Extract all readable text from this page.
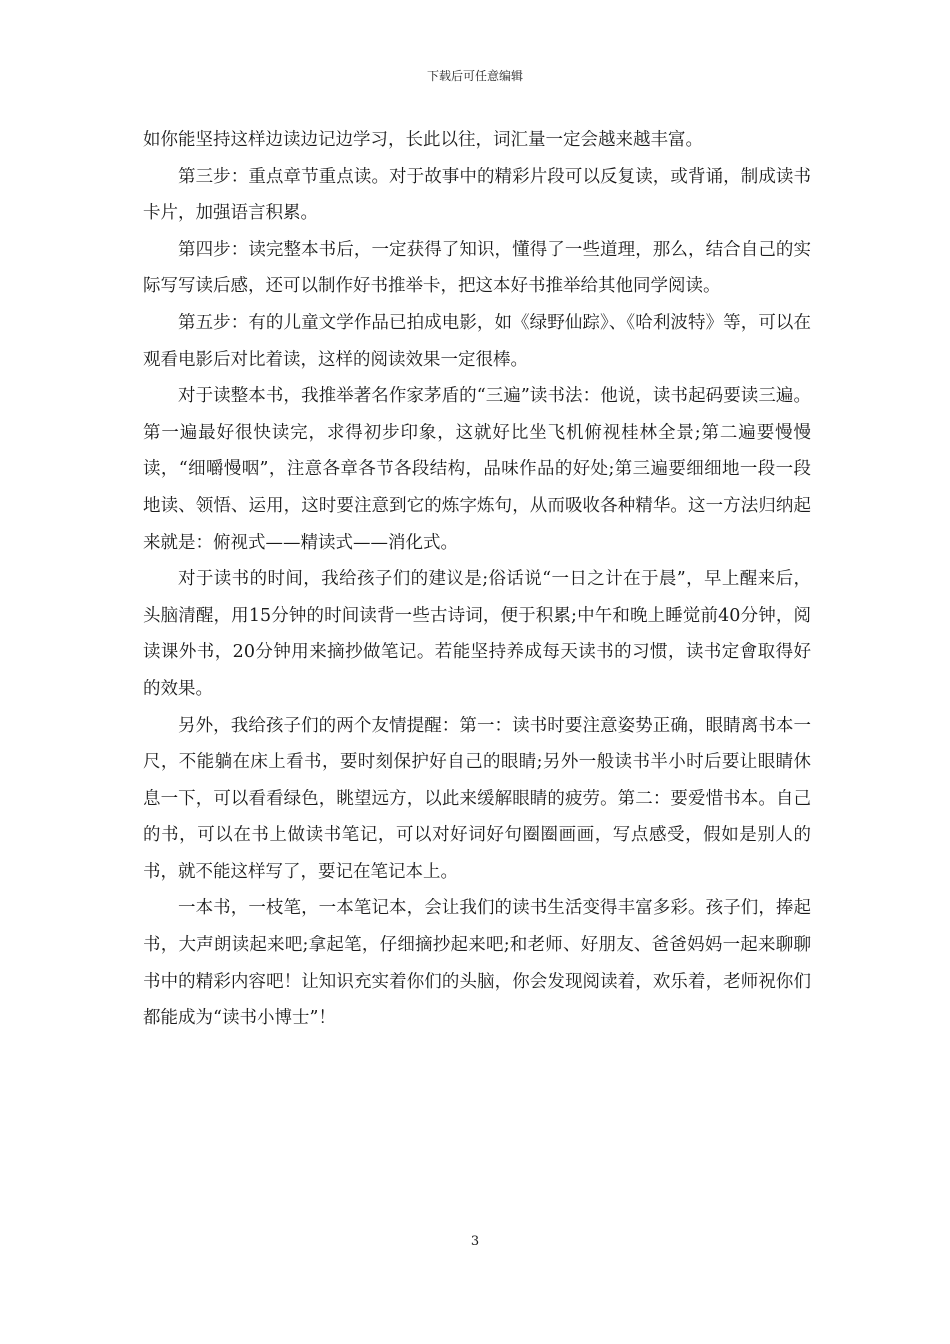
下载后可任意编辑

如你能坚持这样边读边记边学习，长此以往，词汇量一定会越来越丰富。

第三步：重点章节重点读。对于故事中的精彩片段可以反复读，或背诵，制成读书卡片，加强语言积累。

第四步：读完整本书后，一定获得了知识，懂得了一些道理，那么，结合自己的实际写写读后感，还可以制作好书推举卡，把这本好书推举给其他同学阅读。

第五步：有的儿童文学作品已拍成电影，如《绿野仙踪》、《哈利波特》等，可以在观看电影后对比着读，这样的阅读效果一定很棒。

对于读整本书，我推举著名作家茅盾的“三遍”读书法：他说，读书起码要读三遍。第一遍最好很快读完，求得初步印象，这就好比坐飞机俯视桂林全景;第二遍要慢慢读，“细嚼慢咽”，注意各章各节各段结构，品味作品的好处;第三遍要细细地一段一段地读、领悟、运用，这时要注意到它的炼字炼句，从而吸收各种精华。这一方法归纳起来就是：俯视式——精读式——消化式。

对于读书的时间，我给孩子们的建议是;俗话说“一日之计在于晨”，早上醒来后，头脑清醒，用15分钟的时间读背一些古诗词，便于积累;中午和晚上睡觉前40分钟，阅读课外书，20分钟用来摘抄做笔记。若能坚持养成每天读书的习惯，读书定會取得好的效果。

另外，我给孩子们的两个友情提醒：第一：读书时要注意姿势正确，眼睛离书本一尺，不能躺在床上看书，要时刻保护好自己的眼睛;另外一般读书半小时后要让眼睛休息一下，可以看看绿色，眺望远方，以此来缓解眼睛的疲劳。第二：要爱惜书本。自己的书，可以在书上做读书笔记，可以对好词好句圈圈画画，写点感受，假如是别人的书，就不能这样写了，要记在笔记本上。

一本书，一枝笔，一本笔记本，会让我们的读书生活变得丰富多彩。孩子们，捧起书，大声朗读起来吧;拿起笔，仔细摘抄起来吧;和老师、好朋友、爸爸妈妈一起来聊聊书中的精彩内容吧！让知识充实着你们的头脑，你会发现阅读着，欢乐着，老师祝你们都能成为“读书小博士”！

3
